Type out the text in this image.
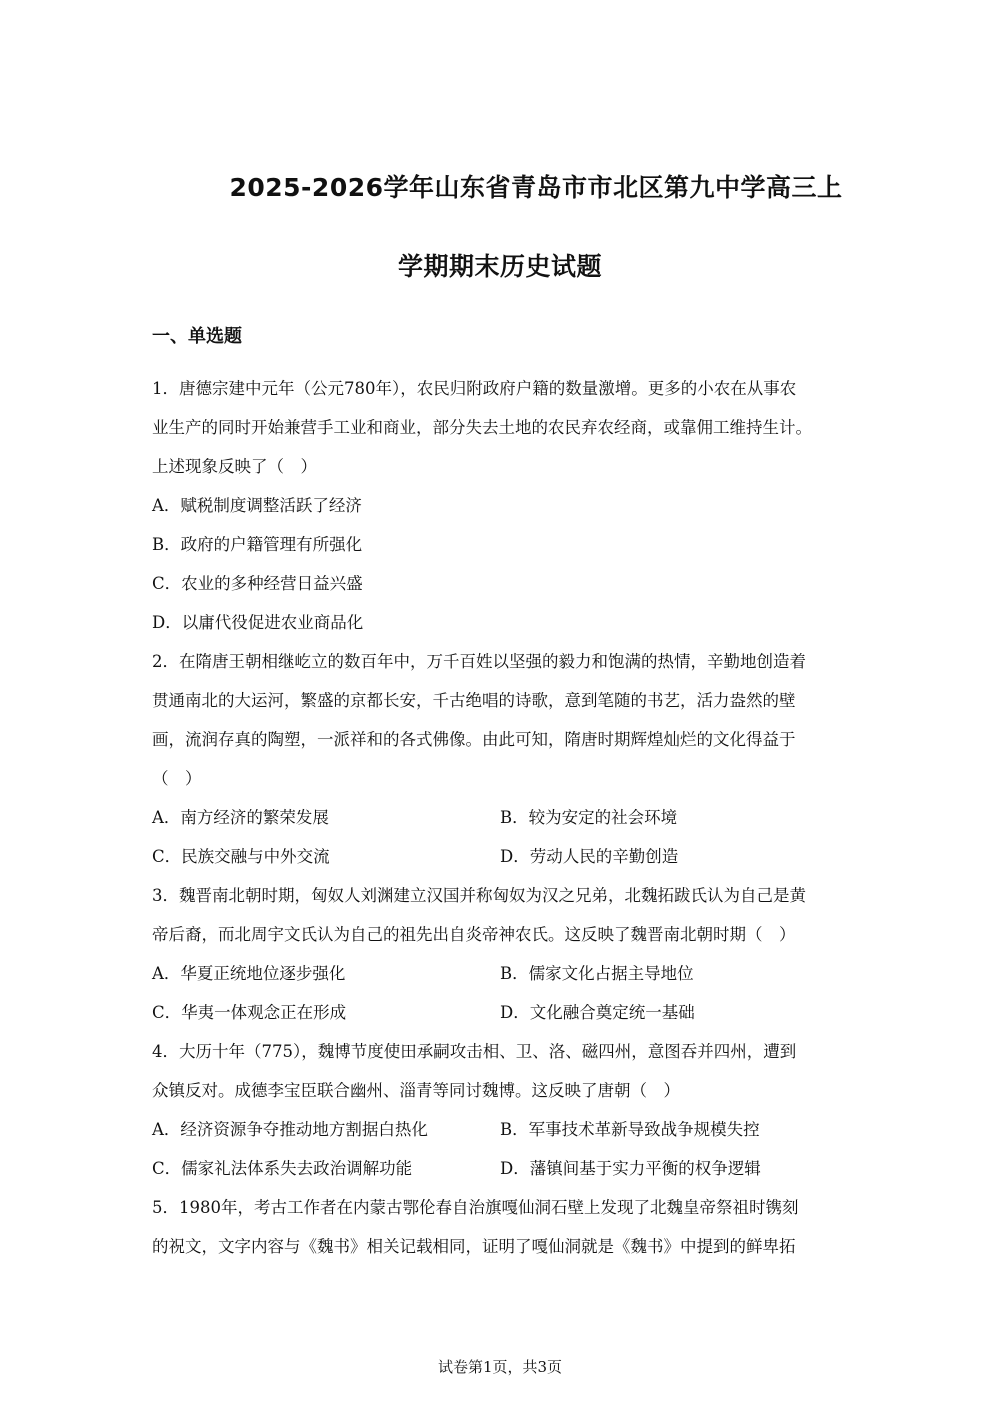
2025-2026学年山东省青岛市市北区第九中学高三上
学期期末历史试题
一、单选题
1．唐德宗建中元年（公元780年），农民归附政府户籍的数量激增。更多的小农在从事农
业生产的同时开始兼营手工业和商业，部分失去土地的农民弃农经商，或靠佣工维持生计。
上述现象反映了（　）
A．赋税制度调整活跃了经济
B．政府的户籍管理有所强化
C．农业的多种经营日益兴盛
D．以庸代役促进农业商品化
2．在隋唐王朝相继屹立的数百年中，万千百姓以坚强的毅力和饱满的热情，辛勤地创造着
贯通南北的大运河，繁盛的京都长安，千古绝唱的诗歌，意到笔随的书艺，活力盎然的壁
画，流润存真的陶塑，一派祥和的各式佛像。由此可知，隋唐时期辉煌灿烂的文化得益于
（　）
A．南方经济的繁荣发展	B．较为安定的社会环境
C．民族交融与中外交流	D．劳动人民的辛勤创造
3．魏晋南北朝时期，匈奴人刘渊建立汉国并称匈奴为汉之兄弟，北魏拓跋氏认为自己是黄
帝后裔，而北周宇文氏认为自己的祖先出自炎帝神农氏。这反映了魏晋南北朝时期（　）
A．华夏正统地位逐步强化	B．儒家文化占据主导地位
C．华夷一体观念正在形成	D．文化融合奠定统一基础
4．大历十年（775），魏博节度使田承嗣攻击相、卫、洛、磁四州，意图吞并四州，遭到
众镇反对。成德李宝臣联合幽州、淄青等同讨魏博。这反映了唐朝（　）
A．经济资源争夺推动地方割据白热化	B．军事技术革新导致战争规模失控
C．儒家礼法体系失去政治调解功能	D．藩镇间基于实力平衡的权争逻辑
5．1980年，考古工作者在内蒙古鄂伦春自治旗嘎仙洞石壁上发现了北魏皇帝祭祖时镌刻
的祝文，文字内容与《魏书》相关记载相同，证明了嘎仙洞就是《魏书》中提到的鲜卑拓
试卷第1页，共3页
